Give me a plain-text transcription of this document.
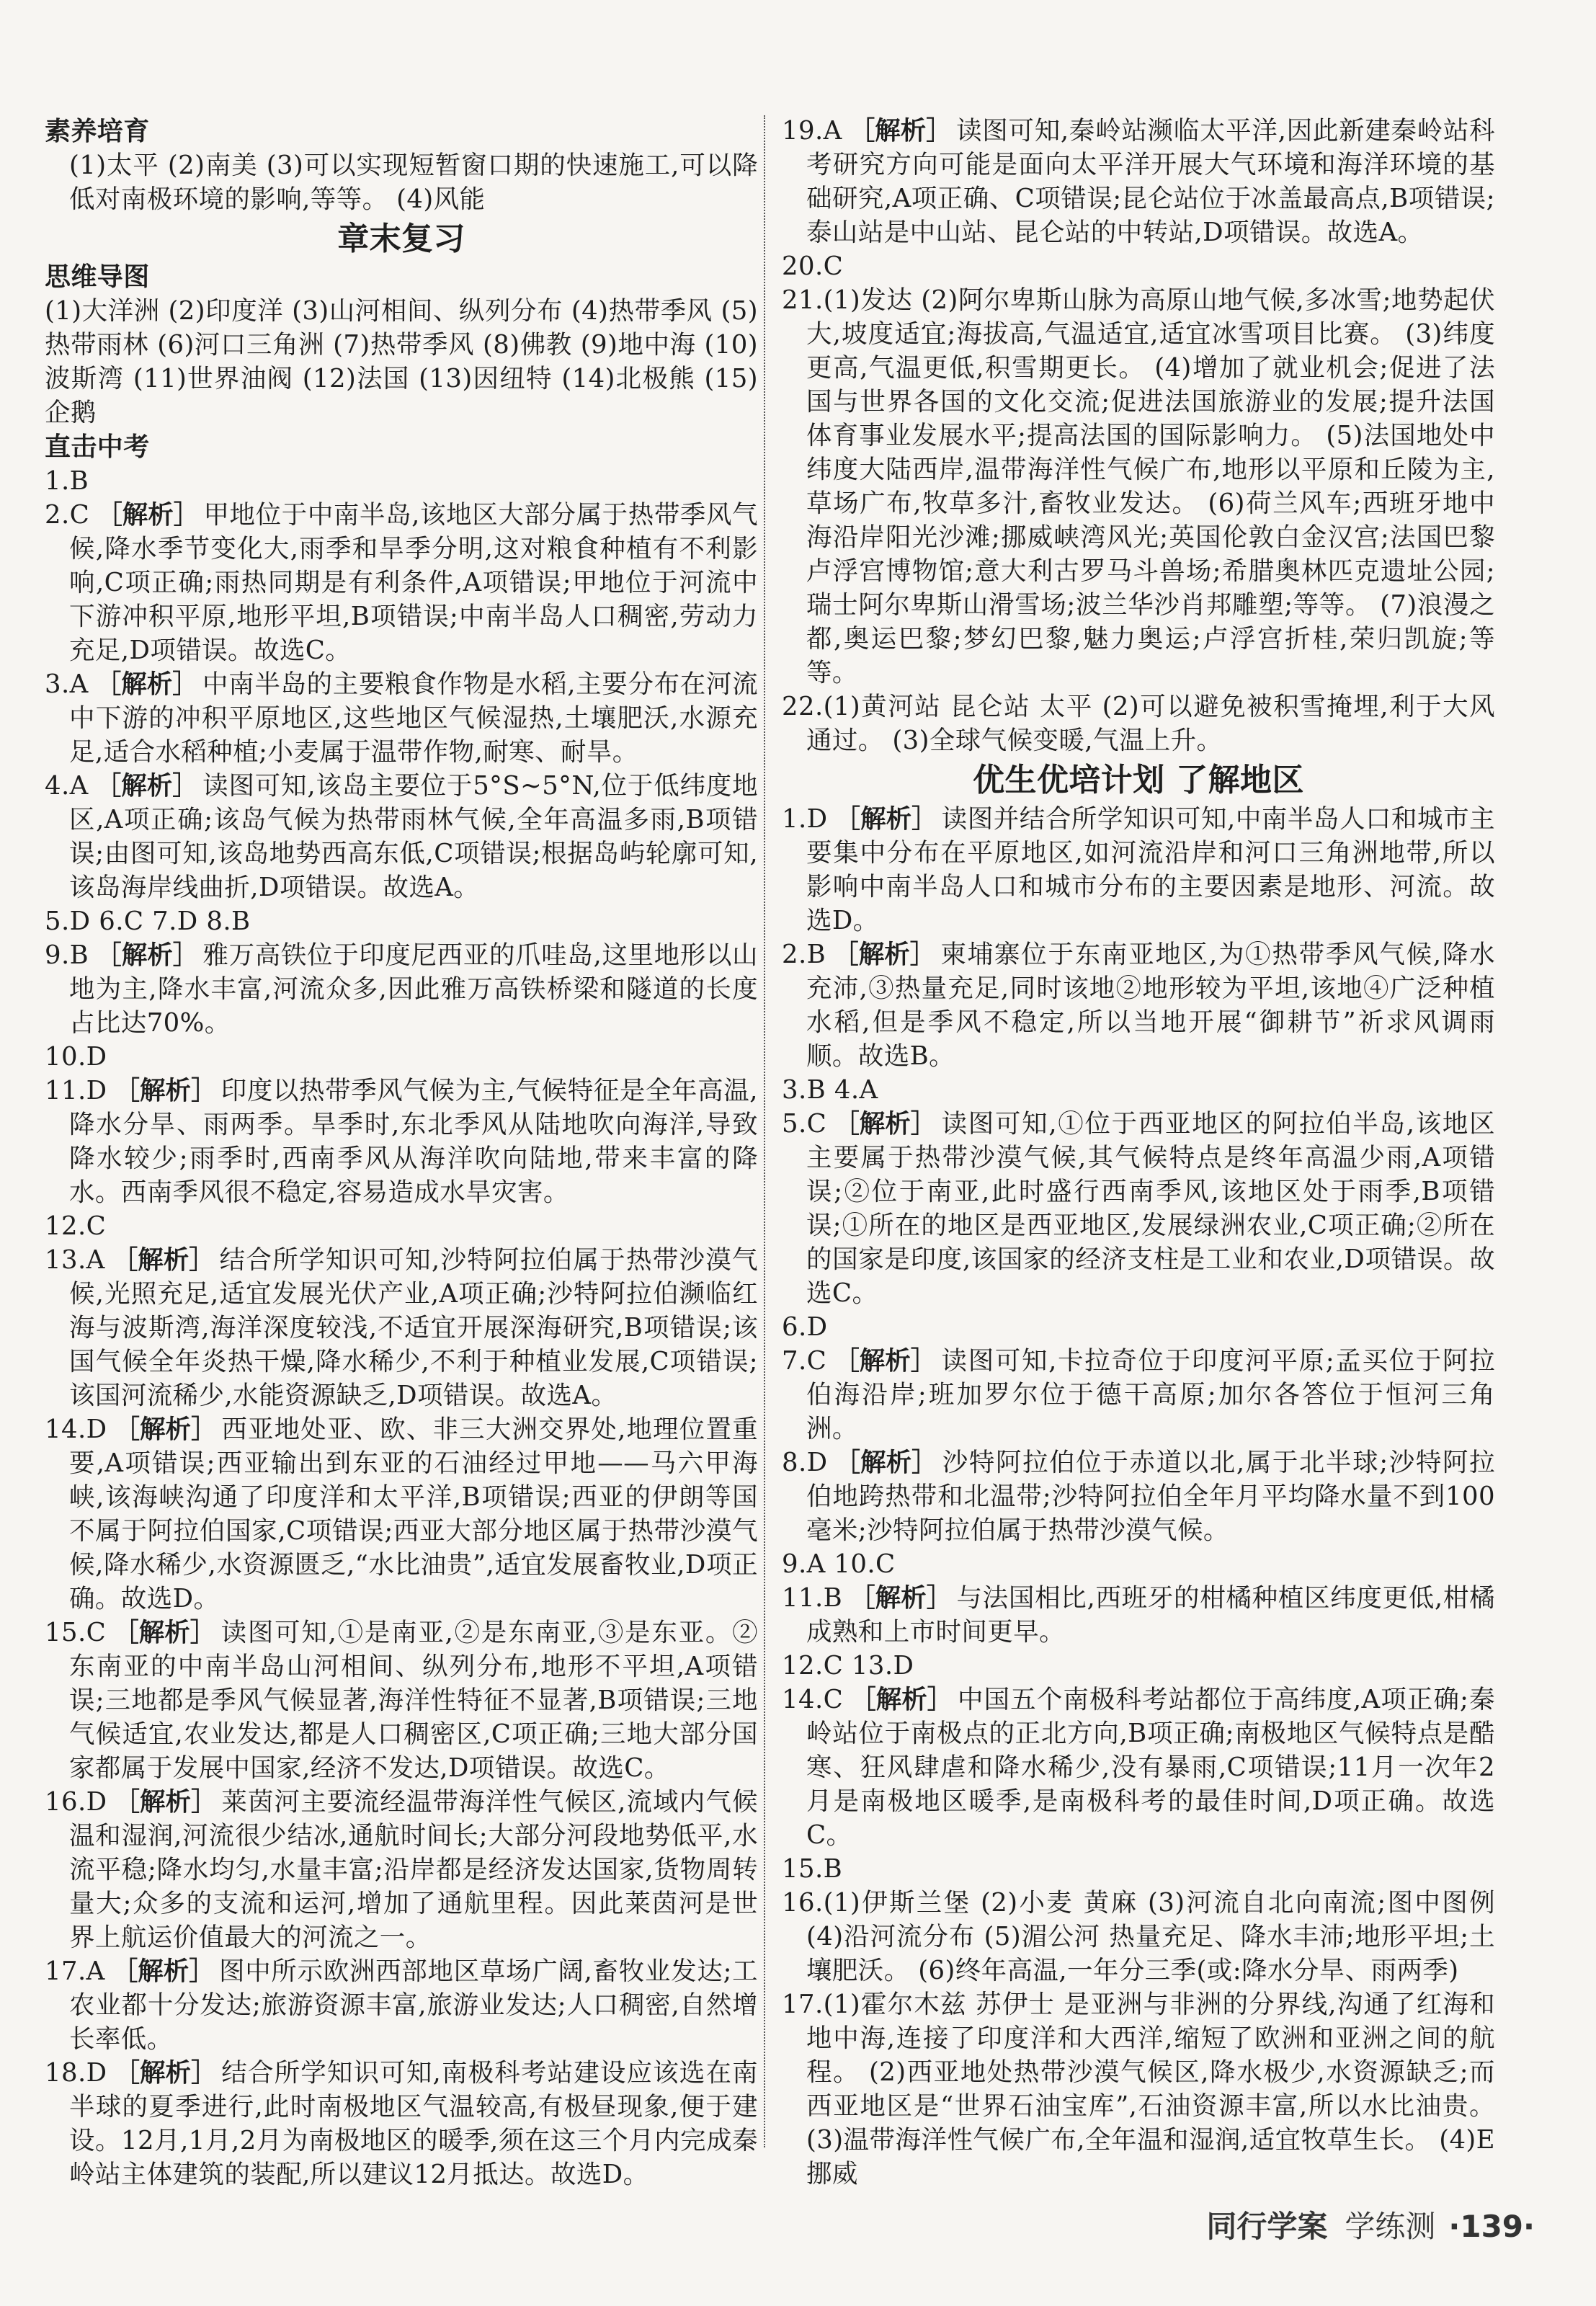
素养培育
(1)太平 (2)南美 (3)可以实现短暂窗口期的快速施工,可以降低对南极环境的影响,等等。 (4)风能
章末复习
思维导图
(1)大洋洲 (2)印度洋 (3)山河相间、纵列分布 (4)热带季风 (5)热带雨林 (6)河口三角洲 (7)热带季风 (8)佛教 (9)地中海 (10)波斯湾 (11)世界油阀 (12)法国 (13)因纽特 (14)北极熊 (15)企鹅
直击中考
1.B
2.C ［ 解析 ］ 甲地位于中南半岛,该地区大部分属于热带季风气候,降水季节变化大,雨季和旱季分明,这对粮食种植有不利影响,C项正确;雨热同期是有利条件,A项错误;甲地位于河流中下游冲积平原,地形平坦,B项错误;中南半岛人口稠密,劳动力充足,D项错误。故选C。
3.A ［ 解析 ］ 中南半岛的主要粮食作物是水稻,主要分布在河流中下游的冲积平原地区,这些地区气候湿热,土壤肥沃,水源充足,适合水稻种植;小麦属于温带作物,耐寒、耐旱。
4.A ［ 解析 ］ 读图可知,该岛主要位于5°S~5°N,位于低纬度地区,A项正确;该岛气候为热带雨林气候,全年高温多雨,B项错误;由图可知,该岛地势西高东低,C项错误;根据岛屿轮廓可知,该岛海岸线曲折,D项错误。故选A。
5.D 6.C 7.D 8.B
9.B ［ 解析 ］ 雅万高铁位于印度尼西亚的爪哇岛,这里地形以山地为主,降水丰富,河流众多,因此雅万高铁桥梁和隧道的长度占比达70%。
10.D
11.D ［ 解析 ］ 印度以热带季风气候为主,气候特征是全年高温,降水分旱、雨两季。旱季时,东北季风从陆地吹向海洋,导致降水较少;雨季时,西南季风从海洋吹向陆地,带来丰富的降水。西南季风很不稳定,容易造成水旱灾害。
12.C
13.A ［ 解析 ］ 结合所学知识可知,沙特阿拉伯属于热带沙漠气候,光照充足,适宜发展光伏产业,A项正确;沙特阿拉伯濒临红海与波斯湾,海洋深度较浅,不适宜开展深海研究,B项错误;该国气候全年炎热干燥,降水稀少,不利于种植业发展,C项错误;该国河流稀少,水能资源缺乏,D项错误。故选A。
14.D ［ 解析 ］ 西亚地处亚、欧、非三大洲交界处,地理位置重要,A项错误;西亚输出到东亚的石油经过甲地——马六甲海峡,该海峡沟通了印度洋和太平洋,B项错误;西亚的伊朗等国不属于阿拉伯国家,C项错误;西亚大部分地区属于热带沙漠气候,降水稀少,水资源匮乏,“水比油贵”,适宜发展畜牧业,D项正确。故选D。
15.C ［ 解析 ］ 读图可知,①是南亚,②是东南亚,③是东亚。②东南亚的中南半岛山河相间、纵列分布,地形不平坦,A项错误;三地都是季风气候显著,海洋性特征不显著,B项错误;三地气候适宜,农业发达,都是人口稠密区,C项正确;三地大部分国家都属于发展中国家,经济不发达,D项错误。故选C。
16.D ［ 解析 ］ 莱茵河主要流经温带海洋性气候区,流域内气候温和湿润,河流很少结冰,通航时间长;大部分河段地势低平,水流平稳;降水均匀,水量丰富;沿岸都是经济发达国家,货物周转量大;众多的支流和运河,增加了通航里程。因此莱茵河是世界上航运价值最大的河流之一。
17.A ［ 解析 ］ 图中所示欧洲西部地区草场广阔,畜牧业发达;工农业都十分发达;旅游资源丰富,旅游业发达;人口稠密,自然增长率低。
18.D ［ 解析 ］ 结合所学知识可知,南极科考站建设应该选在南半球的夏季进行,此时南极地区气温较高,有极昼现象,便于建设。12月,1月,2月为南极地区的暖季,须在这三个月内完成秦岭站主体建筑的装配,所以建议12月抵达。故选D。
19.A ［ 解析 ］ 读图可知,秦岭站濒临太平洋,因此新建秦岭站科考研究方向可能是面向太平洋开展大气环境和海洋环境的基础研究,A项正确、C项错误;昆仑站位于冰盖最高点,B项错误;泰山站是中山站、昆仑站的中转站,D项错误。故选A。
20.C
21.(1)发达 (2)阿尔卑斯山脉为高原山地气候,多冰雪;地势起伏大,坡度适宜;海拔高,气温适宜,适宜冰雪项目比赛。 (3)纬度更高,气温更低,积雪期更长。 (4)增加了就业机会;促进了法国与世界各国的文化交流;促进法国旅游业的发展;提升法国体育事业发展水平;提高法国的国际影响力。 (5)法国地处中纬度大陆西岸,温带海洋性气候广布,地形以平原和丘陵为主,草场广布,牧草多汁,畜牧业发达。 (6)荷兰风车;西班牙地中海沿岸阳光沙滩;挪威峡湾风光;英国伦敦白金汉宫;法国巴黎卢浮宫博物馆;意大利古罗马斗兽场;希腊奥林匹克遗址公园;瑞士阿尔卑斯山滑雪场;波兰华沙肖邦雕塑;等等。 (7)浪漫之都,奥运巴黎;梦幻巴黎,魅力奥运;卢浮宫折桂,荣归凯旋;等等。
22.(1)黄河站 昆仑站 太平 (2)可以避免被积雪掩埋,利于大风通过。 (3)全球气候变暖,气温上升。
优生优培计划 了解地区
1.D ［ 解析 ］ 读图并结合所学知识可知,中南半岛人口和城市主要集中分布在平原地区,如河流沿岸和河口三角洲地带,所以影响中南半岛人口和城市分布的主要因素是地形、河流。故选D。
2.B ［ 解析 ］ 柬埔寨位于东南亚地区,为①热带季风气候,降水充沛,③热量充足,同时该地②地形较为平坦,该地④广泛种植水稻,但是季风不稳定,所以当地开展“御耕节”祈求风调雨顺。故选B。
3.B 4.A
5.C ［ 解析 ］ 读图可知,①位于西亚地区的阿拉伯半岛,该地区主要属于热带沙漠气候,其气候特点是终年高温少雨,A项错误;②位于南亚,此时盛行西南季风,该地区处于雨季,B项错误;①所在的地区是西亚地区,发展绿洲农业,C项正确;②所在的国家是印度,该国家的经济支柱是工业和农业,D项错误。故选C。
6.D
7.C ［ 解析 ］ 读图可知,卡拉奇位于印度河平原;孟买位于阿拉伯海沿岸;班加罗尔位于德干高原;加尔各答位于恒河三角洲。
8.D ［ 解析 ］ 沙特阿拉伯位于赤道以北,属于北半球;沙特阿拉伯地跨热带和北温带;沙特阿拉伯全年月平均降水量不到100毫米;沙特阿拉伯属于热带沙漠气候。
9.A 10.C
11.B ［ 解析 ］ 与法国相比,西班牙的柑橘种植区纬度更低,柑橘成熟和上市时间更早。
12.C 13.D
14.C ［ 解析 ］ 中国五个南极科考站都位于高纬度,A项正确;秦岭站位于南极点的正北方向,B项正确;南极地区气候特点是酷寒、狂风肆虐和降水稀少,没有暴雨,C项错误;11月一次年2月是南极地区暖季,是南极科考的最佳时间,D项正确。故选C。
15.B
16.(1)伊斯兰堡 (2)小麦 黄麻 (3)河流自北向南流;图中图例 (4)沿河流分布 (5)湄公河 热量充足、降水丰沛;地形平坦;土壤肥沃。 (6)终年高温,一年分三季(或:降水分旱、雨两季)
17.(1)霍尔木兹 苏伊士 是亚洲与非洲的分界线,沟通了红海和地中海,连接了印度洋和大西洋,缩短了欧洲和亚洲之间的航程。 (2)西亚地处热带沙漠气候区,降水极少,水资源缺乏;而西亚地区是“世界石油宝库”,石油资源丰富,所以水比油贵。 (3)温带海洋性气候广布,全年温和湿润,适宜牧草生长。 (4)E 挪威
同行学案 学练测 ·139·
